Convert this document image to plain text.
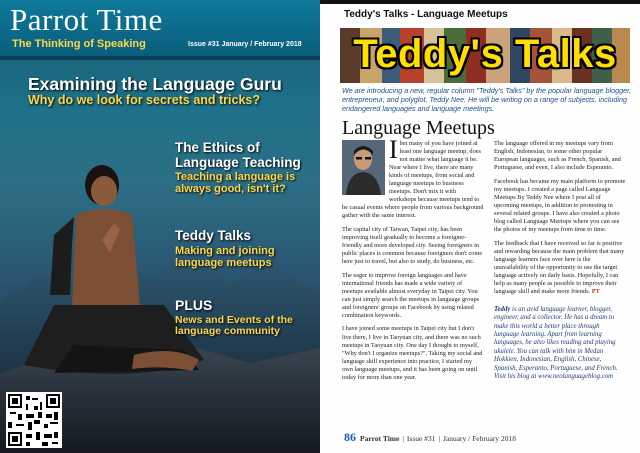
Parrot Time
The Thinking of Speaking	Issue #31 January / February 2018
Examining the Language Guru
Why do we look for secrets and tricks?
The Ethics of
Language Teaching
Teaching a language is
always good, isn't it?
Teddy Talks
Making and joining
language meetups
PLUS
News and Events of the
language community
Teddy's Talks - Language Meetups
Teddy's Talks
We are introducing a new, regular column "Teddy's Talks" by the popular language blogger, entrepreneur, and polyglot, Teddy Nee. He will be writing on a range of subjects, including endangered languages and language meetings.
Language Meetups

Ibet many of you have joined at least one language meetup, does not matter what language it be. Near where I live, there are many kinds of meetups, from social and language meetups to business meetups. Don't mix it with workshops because meetups tend to be casual events where people from various background gather with the same interest.

The capital city of Taiwan, Taipei city, has been improving itself gradually to become a foreigner-friendly and more developed city. Seeing foreigners in public places is common because foreigners don't come here just to travel, but also to study, do business, etc.

The eager to improve foreign languages and have international friends has made a wide variety of meetups available almost everyday in Taipei city. You can just simply search the meetups in language groups and foreigners' groups on Facebook by using related combination keywords.

I have joined some meetups in Taipei city but I don't live there, I live in Taoyuan city, and there was no such meetups in Taoyuan city. One day I thought to myself, "Why don't I organize meetups?". Taking my social and language skill experience into practice, I started my own language meetups, and it has been going on until today for more than one year.

The language offered in my meetups vary from English, Indonesian, to some other popular European languages, such as French, Spanish, and Portuguese, and even, I also include Esperanto.

Facebook has became my main platform to promote my meetups. I created a page called Language Meetups By Teddy Nee where I post all of upcoming meetups, in addition to promoting in several related groups. I have also created a photo blog called Language Meetups where you can see the photos of my meetups from time to time.

The feedback that I have received so far is positive and rewarding because the main problem that many language learners face over here is the unavailability of the opportunity to use the target language actively on daily basis. Hopefully, I can help as many people as possible to improve their language skill and make more friends. PT

Teddy is an avid language learner, blogger, engineer, and a collector. He has a dream to make this world a better place through language learning. Apart from learning languages, he also likes reading and playing ukulele. You can talk with him in Medan Hokkien, Indonesian, English, Chinese, Spanish, Esperanto, Portuguese, and French. Visit his blog at www.neolanguageblog.com
86 Parrot Time | Issue #31 | January / February 2018
